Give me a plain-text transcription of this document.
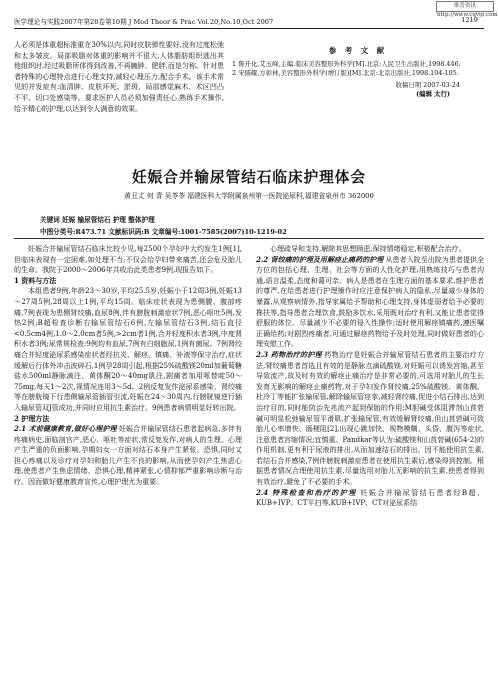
医学理论与实践2007年第20卷第10期 J Med Theor & Prac Vol.20,No.10,Oct 2007	1219
维普资讯 http://www.cqvip.com

人必须是体重超标准重在30%以内,同时皮肤弹性要好,没有过度松弛和太多皱皮。局部吸脂对体重的影响并不很大,人体脂肪组织逃出其他组织时,经过吸脂所体得到改善,不再臃肿、肥胖,而是匀称。针对患者特殊的心理特点进行心理支持,减轻心理压力,配合手术。该手术常见的并发症有:血清肿、皮肤坏死、淤斑、局部感觉麻木、术区凹凸不平、切口处感染等。要求医护人员必须加强责任心,熟练手术操作,给予精心的护理,以达到令人满意的效果。

参 考 文 献

1 鲁开化,艾玉峰,主编.临床美容整形外科学[M].北京:人民卫生出版社,1998.446.

2 宋儒耀,方彰林,美容整形外科学(增订版)[M].北京:北京出版社,1998.104-105.

收稿日期 2007-03-24
(编辑 太行)
妊娠合并输尿管结石临床护理体会
黄丑丈 何 青 吴苓苓 福建医科大学附属泉州第一医院泌尿科,福建省泉州市 362000
关键词 妊娠 输尿管结石 护理 整体护理
中图分类号:R473.71 文献标识码:B 文章编号:1001-7585(2007)10-1219-02

妊娠合并输尿管结石临床比较少见,每2500个孕妇中大约发生1例[1],但临床表现有一定困难,如处理不当,不仅会给孕妇带来痛苦,还会危及胎儿的生命。我院于2000～2006年共收治此类患者9例,现报告如下。

1 资料与方法

本组患者9例,年龄23～30岁,平均25.5岁,妊娠小于12周3例,妊娠13～27周5例,28周以上1例,平均15周。临床症状表现为患侧腰、腹部疼痛,7例表现为患侧肾绞痛,血尿8例,伴有膀胱刺激症状7例,恶心呕吐5例,发热2例;B超检查诊断右输尿管结石6例,左输尿管结石3例,结石直径<0.5cm4例,1.0～2.0cm者5例,>2cm者1例,合并轻度积水者3例,中度肾积水者3例;尿常规检查:9例均有血尿,7例有白细胞尿,1例有菌尿。7例肾绞痛合并轻度泌尿系感染症状者经抗炎、解痉、镇痛、补液等保守治疗,症状缓解后行体外冲击波碎石,1例孕28周引起,根据25%硫酸镁20ml加葡萄糖盐水500ml静脉滴注、黄体酮20～40mg肌注,剧痛者加用哌替啶50～75mg,每天1～2次,视情况连用3～5d。2例反复发作泌尿系感染、肾绞痛等在膀胱镜下行患侧输尿管插管引流,妊娠在24～30周内,行膀胱镜逆行插入输尿管双J管成功,并同时应用抗生素治疗。9例患者病情明显好转出院。

2 护理方法

2.1 术前健康教育,做好心理护理 妊娠合并输尿管结石患者起病急,多伴有疼痛病史,面临剖宫产,恶心、呕吐等症状,常反复发作,对病人的生理、心理产生严重的负面影响,孕期妇女一方面对结石本身产生紧张、恐惧,同时又担心疼痛以及诊疗对孕妇和胎儿产生不良的影响,从而使孕妇产生焦虑心理,使患者产生焦虑情绪、恐惧心理,精神紧张,心情抑郁严重影响诊断与治疗。因而做好健康教育宣传,心理护理尤为重要。

心理疏导和支持,解除其思想顾虑,保持情绪稳定,积极配合治疗。

2.2 肾绞痛的护理及用解痉止痛药的护理 从患者入院至出院为患者提供全方位的包括心理、生理、社会等方面的人性化护理,用熟练技巧与患者沟通,语言温柔,态度和蔼可亲。病人是患者在生理方面的基本要求,维护患者的尊严,在给患者进行护理操作时应注意保护病人的隐私,尽量减少身体的暴露,从观察病情外,指导家属给予帮助和心理支持,身体虚弱者给予必要的搀扶等,指导患者合理饮食,鼓励多饮水,采用既对治疗有利,又能让患者觉得舒服的体位。尽量减少不必要的侵入性操作;适时使用解痉镇痛药,遵医嘱正确给药;对剧烈疼痛者,可通过解痉药物给予及时处理,同时做好患者的心理安慰工作。

2.3 药物治疗的护理 药物治疗是妊娠合并输尿管结石患者的主要治疗方法,肾绞痛患者首选且有效的是静脉点滴硫酸镁,对妊娠可以诱发宫缩,甚至导致流产,故及时有效的解痉止痛治疗是非常必要的,可选用对胎儿的生长发育无影响的解痉止痛药物,对于孕妇发作肾绞痛,25%硫酸镁、黄体酮、杜冷丁等能扩张输尿管,解除输尿管痉挛,减轻肾绞痛,促进小结石排出,达到治疗目的,同时能防治先兆流产起到保胎的作用;M胆碱受体阻滞剂山莨菪碱可明显松弛输尿管平滑肌,扩张输尿管,有效缓解肾绞痛,但山莨菪碱可致胎儿心率增快、肠梗阻[2],出现心跳加快、视物模糊、头昏、腹泻等症状,注意患者宫缩情况;宜慎重。Pandkar等认为:硫酸镁和山莨菪碱(654-2)的作用机制,更有利于尿液的排出,从而加速结石的排出。因不能使用抗生素,若结石合并感染,7例伴膀胱刺激症患者在使用抗生素后,感染得到控制。根据患者情况合理使用抗生素,尽量选用对胎儿无影响的抗生素,使患者得到有效治疗,避免了不必要的手术。

2.4 特殊检查和治疗的护理 妊娠合并输尿管结石患者经B超、KUB+IVP、CT平扫等,KUB+IVP、CT对泌尿系结
